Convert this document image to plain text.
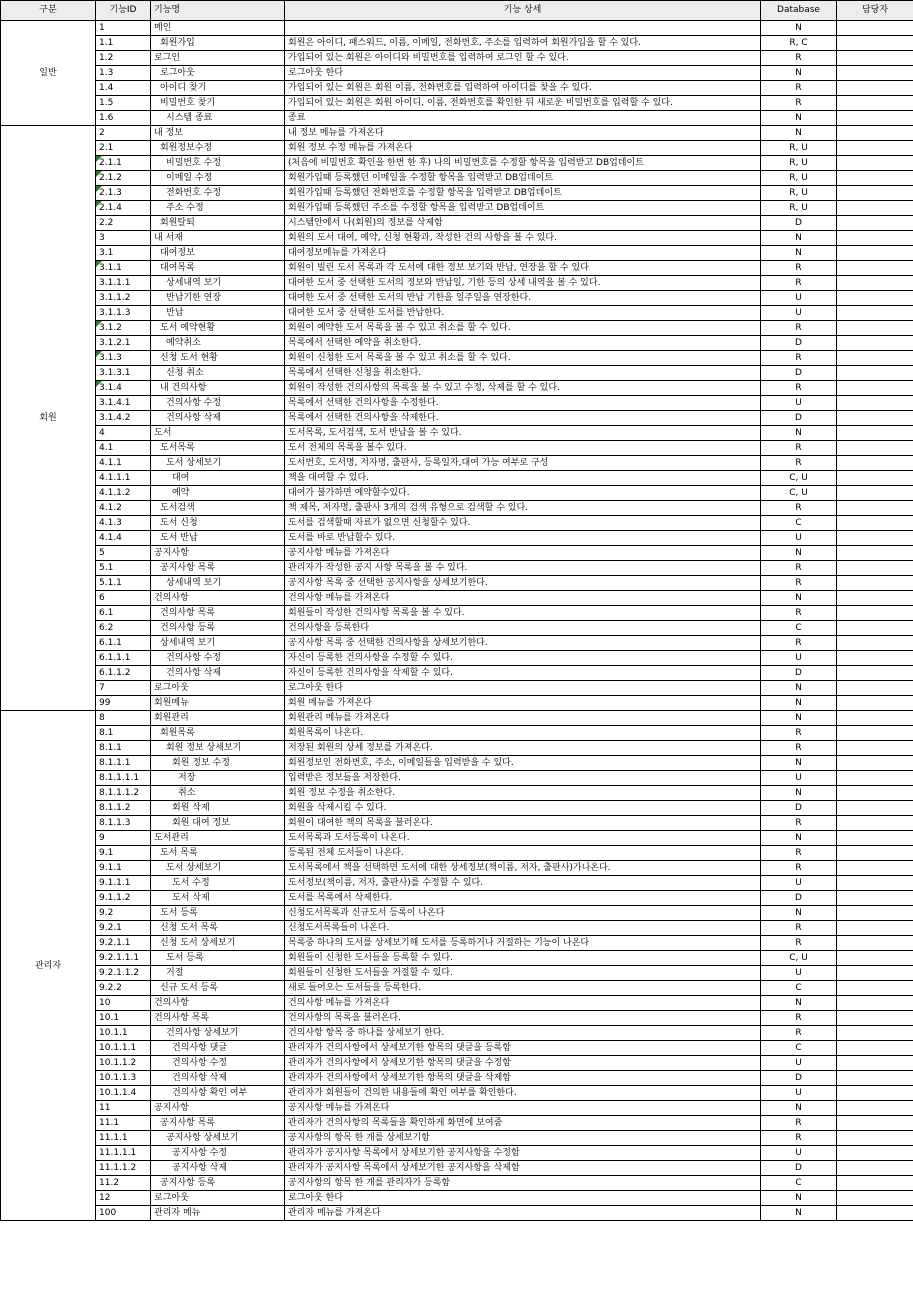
구분	기능ID	기능명	기능 상세	Database	담당자
일반	1	메인		N	
	1.1	회원가입	회원은 아이디, 패스워드, 이름, 이메일, 전화번호, 주소를 입력하여 회원가입을 할 수 있다.	R, C	
	1.2	로그인	가입되어 있는 회원은 아이디와 비밀번호를 입력하여 로그인 할 수 있다.	R	
	1.3	로그아웃	로그아웃 한다	N	
	1.4	아이디 찾기	가입되어 있는 회원은 회원 이름, 전화번호를 입력하여 아이디를 찾을 수 있다.	R	
	1.5	비밀번호 찾기	가입되어 있는 회원은 회원 아이디, 이름, 전화번호를 확인한 뒤 새로운 비밀번호를 입력할 수 있다.	R	
	1.6	시스템 종료	종료	N	
회원	2	내 정보	내 정보 메뉴를 가져온다	N	
	2.1	회원정보수정	회원 정보 수정 메뉴를 가져온다	R, U	
	2.1.1	비밀번호 수정	(처음에 비밀번호 확인을 한번 한 후) 나의 비밀번호를 수정할 항목을 입력받고 DB업데이트	R, U	
	2.1.2	이메일 수정	회원가입때 등록했던 이메일을 수정할 항목을 입력받고 DB업데이트	R, U	
	2.1.3	전화번호 수정	회원가입때 등록했던 전화번호를 수정할 항목을 입력받고 DB업데이트	R, U	
	2.1.4	주소 수정	회원가입때 등록했던 주소를 수정할 항목을 입력받고 DB업데이트	R, U	
	2.2	회원탈퇴	시스템안에서 나(회원)의 정보를 삭제함	D	
	3	내 서재	회원의 도서 대여, 예약, 신청 현황과, 작성한 건의 사항을 볼 수 있다.	N	
	3.1	대여정보	대여정보메뉴를 가져온다	N	
	3.1.1	대여목록	회원이 빌린 도서 목록과 각 도서에 대한 정보 보기와 반납, 연장을 할 수 있다	R	
	3.1.1.1	상세내역 보기	대여한 도서 중 선택한 도서의 정보와 반납일, 기한 등의 상세 내역을 볼 수 있다.	R	
	3.1.1.2	반납기한 연장	대여한 도서 중 선택한 도서의 반납 기한을 일주일을 연장한다.	U	
	3.1.1.3	반납	대여한 도서 중 선택한 도서를 반납한다.	U	
	3.1.2	도서 예약현황	회원이 예약한 도서 목록을 볼 수 있고 취소를 할 수 있다.	R	
	3.1.2.1	예약취소	목록에서 선택한 예약을 취소한다.	D	
	3.1.3	신청 도서 현황	회원이 신청한 도서 목록을 볼 수 있고 취소를 할 수 있다.	R	
	3.1.3.1	신청 취소	목록에서 선택한 신청을 취소한다.	D	
	3.1.4	내 건의사항	회원이 작성한 건의사항의 목록을 볼 수 있고 수정, 삭제를 할 수 있다.	R	
	3.1.4.1	건의사항 수정	목록에서 선택한 건의사항을 수정한다.	U	
	3.1.4.2	건의사항 삭제	목록에서 선택한 건의사항을 삭제한다.	D	
	4	도서	도서목록, 도서검색, 도서 반납을 볼 수 있다.	N	
	4.1	도서목록	도서 전체의 목록을 볼수 있다.	R	
	4.1.1	도서 상세보기	도서번호, 도서명, 저자명, 출판사, 등록일자,대여 가능 여부로 구성	R	
	4.1.1.1	대여	책을 대여할 수 있다.	C, U	
	4.1.1.2	예약	대여가 불가하면 예약할수있다.	C, U	
	4.1.2	도서검색	책 제목, 저자명, 출판사 3개의 검색 유형으로 검색할 수 있다.	R	
	4.1.3	도서 신청	도서를 검색할때 자료가 없으면 신청할수 있다.	C	
	4.1.4	도서 반납	도서를 바로 반납할수 있다.	U	
	5	공지사항	공지사항 메뉴를 가져온다	N	
	5.1	공지사항 목록	관리자가 작성한 공지 사항 목록을 볼 수 있다.	R	
	5.1.1	상세내역 보기	공지사항 목록 중 선택한 공지사항을 상세보기한다.	R	
	6	건의사항	건의사항 메뉴를 가져온다	N	
	6.1	건의사항 목록	회원들이 작성한 건의사항 목록을 볼 수 있다.	R	
	6.2	건의사항 등록	건의사항을 등록한다	C	
	6.1.1	상세내역 보기	공지사항 목록 중 선택한 건의사항을 상세보기한다.	R	
	6.1.1.1	건의사항 수정	자신이 등록한 건의사항을 수정할 수 있다.	U	
	6.1.1.2	건의사항 삭제	자신이 등록한 건의사항을 삭제할 수 있다.	D	
	7	로그아웃	로그아웃 한다	N	
	99	회원메뉴	회원 메뉴를 가져온다	N	
관리자	8	회원관리	회원관리 메뉴를 가져온다	N	
	8.1	회원목록	회원목록이 나온다.	R	
	8.1.1	회원 정보 상세보기	저장된 회원의 상세 정보를 가져온다.	R	
	8.1.1.1	회원 정보 수정	회원정보인 전화번호, 주소, 이메일들을 입력받을 수 있다.	N	
	8.1.1.1.1	저장	입력받은 정보들을 저장한다.	U	
	8.1.1.1.2	취소	회원 정보 수정을 취소한다.	N	
	8.1.1.2	회원 삭제	회원을 삭제시킬 수 있다.	D	
	8.1.1.3	회원 대여 정보	회원이 대여한 책의 목록을 불러온다.	R	
	9	도서관리	도서목록과 도서등록이 나온다.	N	
	9.1	도서 목록	등록된 전체 도서들이 나온다.	R	
	9.1.1	도서 상세보기	도서목록에서 책을 선택하면 도서에 대한 상세정보(책이름, 저자, 출판사)가나온다.	R	
	9.1.1.1	도서 수정	도서정보(책이름, 저자, 출판사)를 수정할 수 있다.	U	
	9.1.1.2	도서 삭제	도서를 목록에서 삭제한다.	D	
	9.2	도서 등록	신청도서목록과 신규도서 등록이 나온다	N	
	9.2.1	신청 도서 목록	신청도서목록들이 나온다.	R	
	9.2.1.1	신청 도서 상세보기	목록중 하나의 도서를 상세보기해 도서를 등록하거나 거절하는 기능이 나온다	R	
	9.2.1.1.1	도서 등록	회원들이 신청한 도서들을 등록할 수 있다.	C, U	
	9.2.1.1.2	거절	회원들이 신청한 도서들을 거절할 수 있다.	U	
	9.2.2	신규 도서 등록	새로 들어오는 도서들을 등록한다.	C	
	10	건의사항	건의사항 메뉴를 가져온다	N	
	10.1	건의사항 목록	건의사항의 목록을 불러온다.	R	
	10.1.1	건의사항 상세보기	건의사항 항목 중 하나를 상세보기 한다.	R	
	10.1.1.1	건의사항 댓글	관리자가 건의사항에서 상세보기한 항목의 댓글을 등록함	C	
	10.1.1.2	건의사항 수정	관리자가 건의사항에서 상세보기한 항목의 댓글을 수정함	U	
	10.1.1.3	건의사항 삭제	관리자가 건의사항에서 상세보기한 항목의 댓글을 삭제함	D	
	10.1.1.4	건의사항 확인 여부	관리자가 회원들이 건의한 내용들에 확인 여부를 확인한다.	U	
	11	공지사항	공지사항 메뉴를 가져온다	N	
	11.1	공지사항 목록	관리자가 건의사항의 목록들을 확인하게 화면에 보여줌	R	
	11.1.1	공지사항 상세보기	공지사항의 항목 한 개를 상세보기함	R	
	11.1.1.1	공지사항 수정	관리자가 공지사항 목록에서 상세보기한 공지사항을 수정함	U	
	11.1.1.2	공지사항 삭제	관리자가 공지사항 목록에서 상세보기한 공지사항을 삭제함	D	
	11.2	공지사항 등록	공지사항의 항목 한 개를 관리자가 등록함	C	
	12	로그아웃	로그아웃 한다	N	
	100	관리자 메뉴	관리자 메뉴를 가져온다	N	
